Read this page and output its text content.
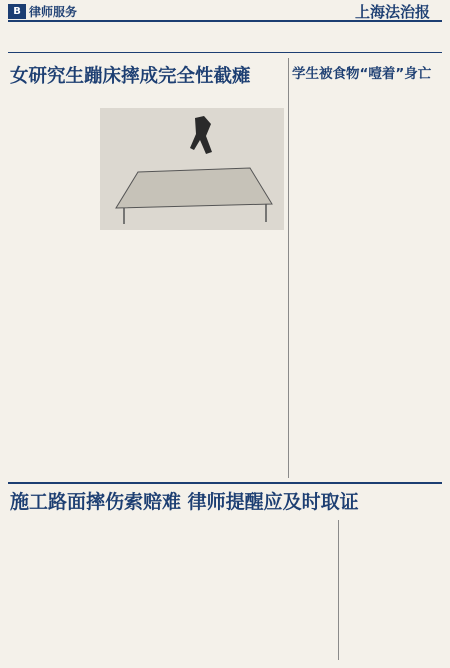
B 律师服务	上海法治报
女研究生蹦床摔成完全性截瘫	学生被食物“噎着”身亡
施工路面摔伤索赔难 律师提醒应及时取证
